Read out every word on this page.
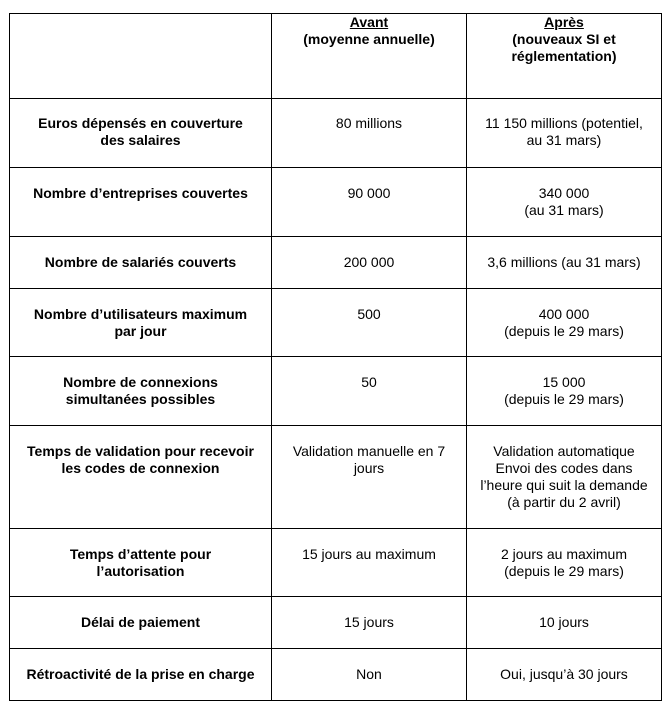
	Avant
(moyenne annuelle)	Après
(nouveaux SI et
réglementation)

Euros dépensés en couverture
des salaires	80 millions	11 150 millions (potentiel,
au 31 mars)

Nombre d’entreprises couvertes	90 000	340 000
(au 31 mars)

Nombre de salariés couverts	200 000	3,6 millions (au 31 mars)

Nombre d’utilisateurs maximum
par jour	500	400 000
(depuis le 29 mars)

Nombre de connexions
simultanées possibles	50	15 000
(depuis le 29 mars)

Temps de validation pour recevoir
les codes de connexion	Validation manuelle en 7
jours	Validation automatique
Envoi des codes dans
l’heure qui suit la demande
(à partir du 2 avril)

Temps d’attente pour
l’autorisation	15 jours au maximum	2 jours au maximum
(depuis le 29 mars)

Délai de paiement	15 jours	10 jours

Rétroactivité de la prise en charge	Non	Oui, jusqu’à 30 jours
